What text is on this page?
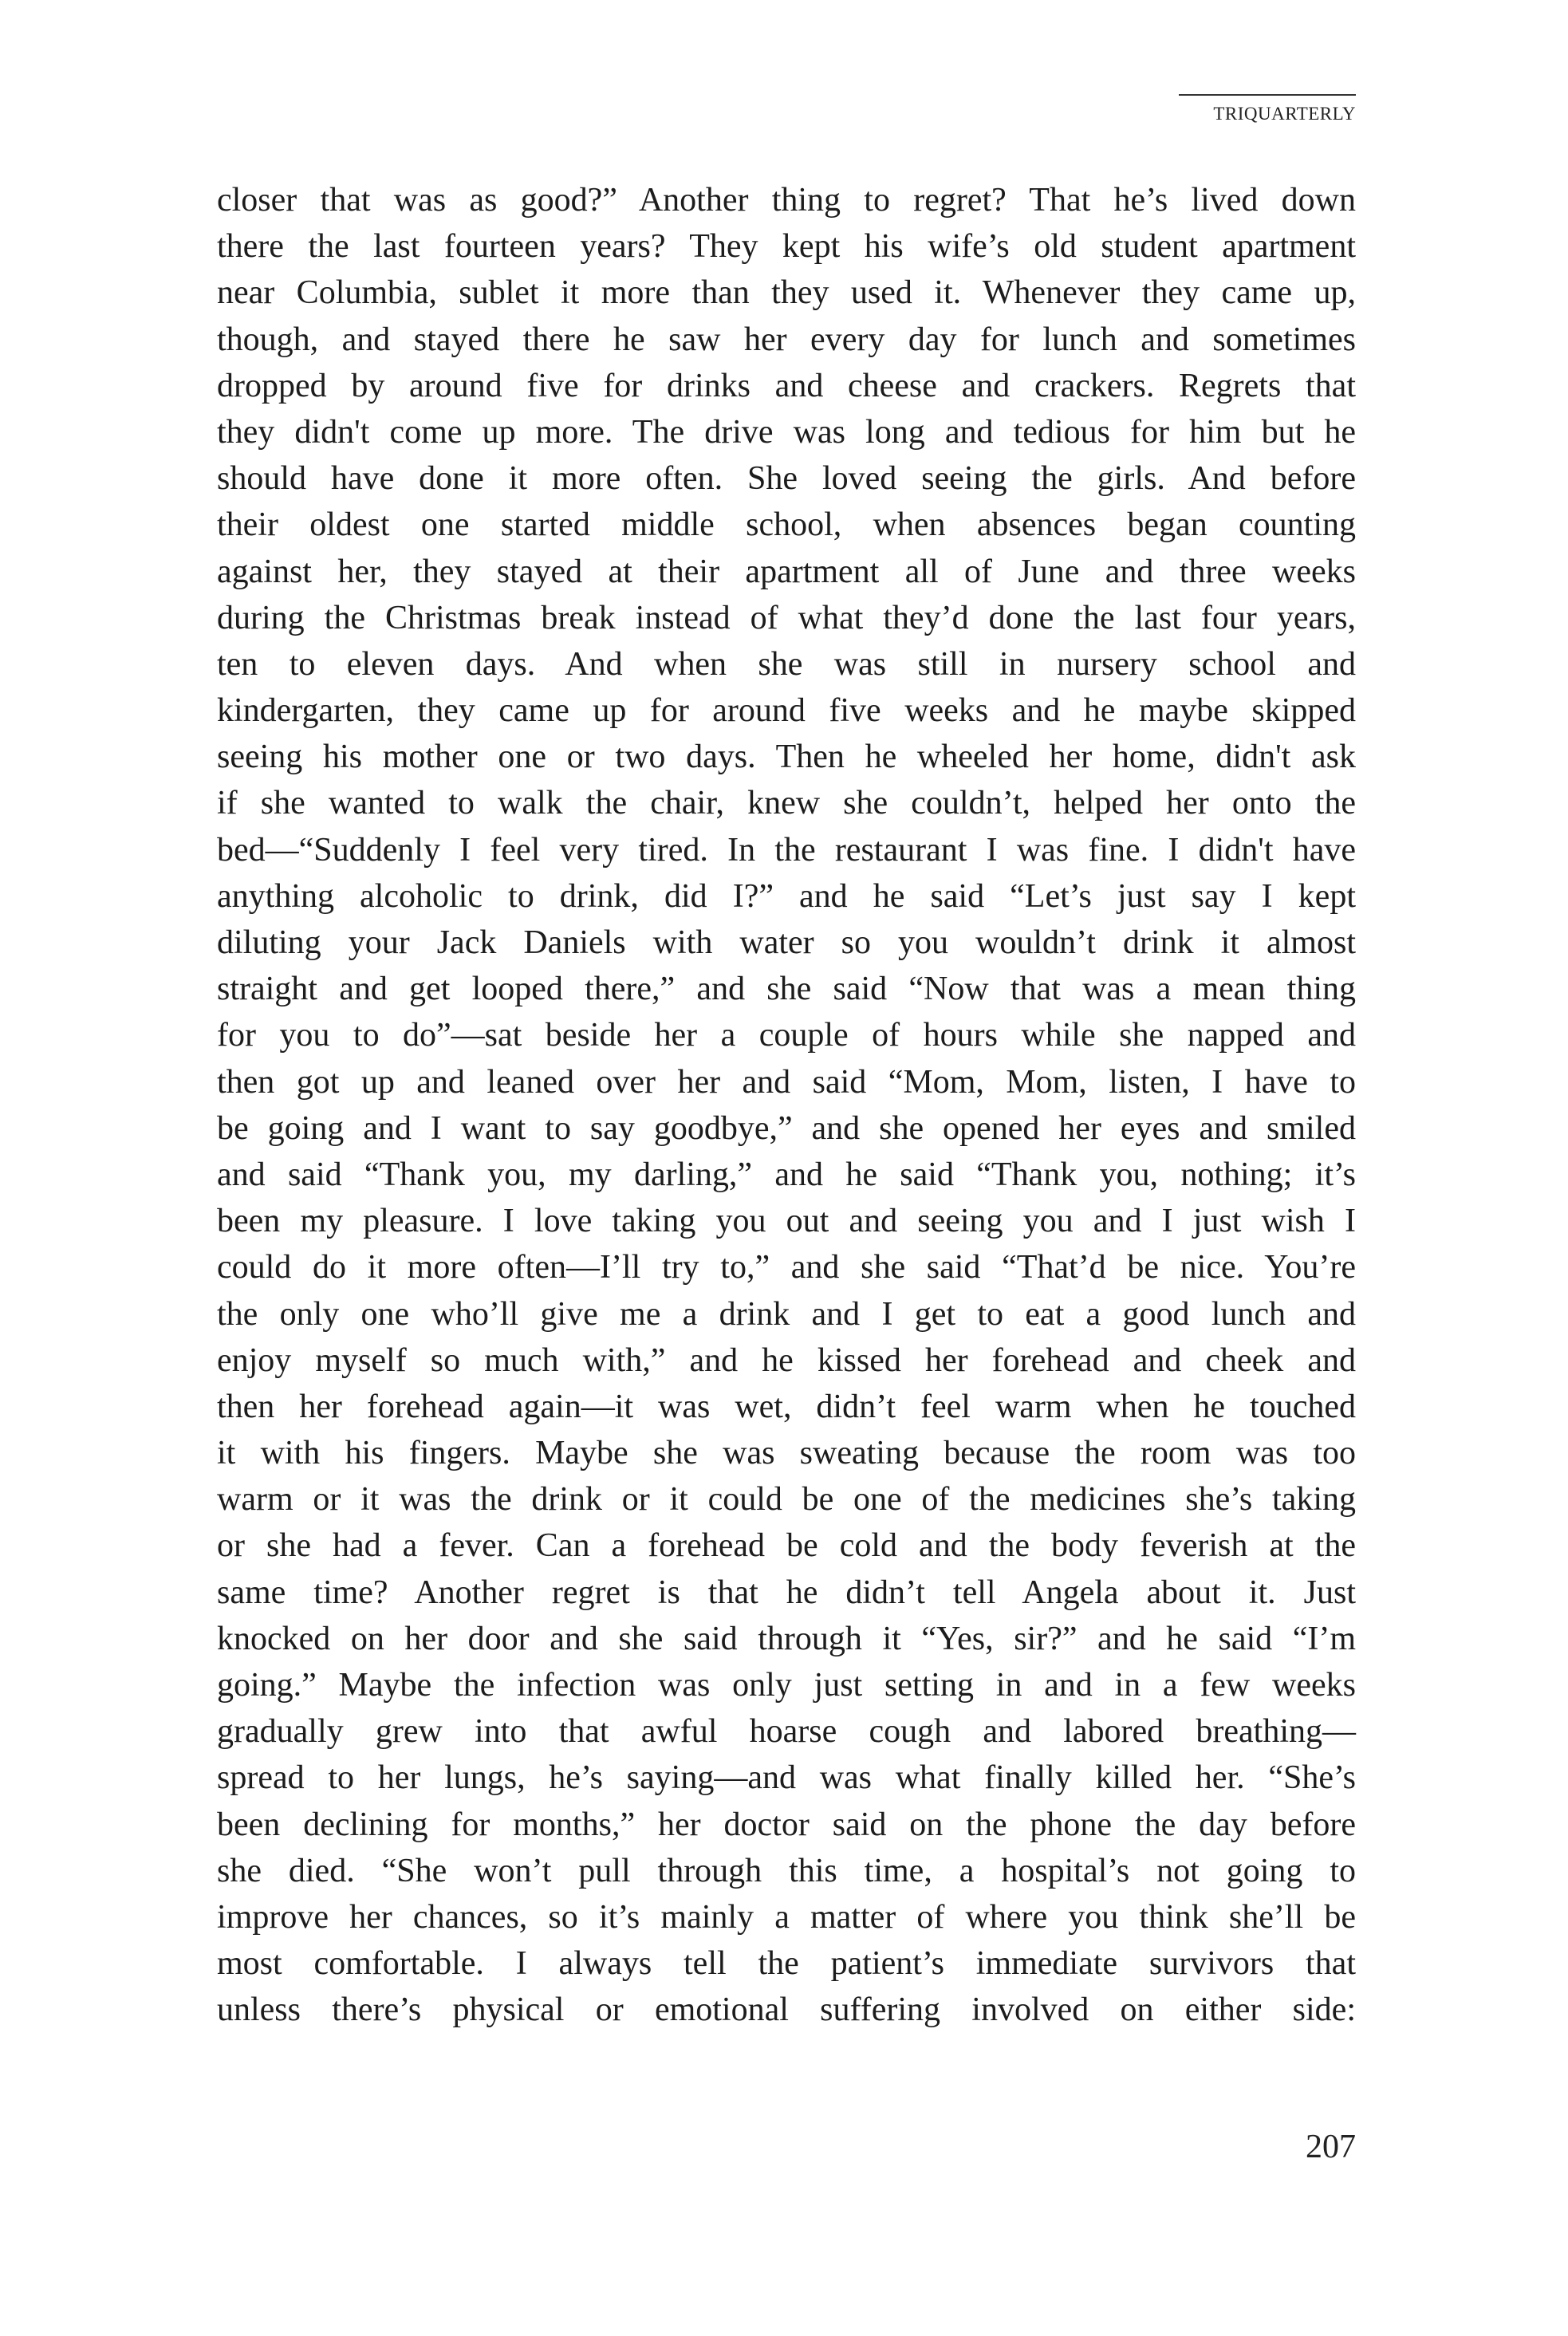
TRIQUARTERLY
closer that was as good?” Another thing to regret? That he’s lived down
there the last fourteen years? They kept his wife’s old student apartment
near Columbia, sublet it more than they used it. Whenever they came up,
though, and stayed there he saw her every day for lunch and sometimes
dropped by around five for drinks and cheese and crackers. Regrets that
they didn't come up more. The drive was long and tedious for him but he
should have done it more often. She loved seeing the girls. And before
their oldest one started middle school, when absences began counting
against her, they stayed at their apartment all of June and three weeks
during the Christmas break instead of what they’d done the last four years,
ten to eleven days. And when she was still in nursery school and
kindergarten, they came up for around five weeks and he maybe skipped
seeing his mother one or two days. Then he wheeled her home, didn't ask
if she wanted to walk the chair, knew she couldn’t, helped her onto the
bed—“Suddenly I feel very tired. In the restaurant I was fine. I didn't have
anything alcoholic to drink, did I?” and he said “Let’s just say I kept
diluting your Jack Daniels with water so you wouldn’t drink it almost
straight and get looped there,” and she said “Now that was a mean thing
for you to do”—sat beside her a couple of hours while she napped and
then got up and leaned over her and said “Mom, Mom, listen, I have to
be going and I want to say goodbye,” and she opened her eyes and smiled
and said “Thank you, my darling,” and he said “Thank you, nothing; it’s
been my pleasure. I love taking you out and seeing you and I just wish I
could do it more often—I’ll try to,” and she said “That’d be nice. You’re
the only one who’ll give me a drink and I get to eat a good lunch and
enjoy myself so much with,” and he kissed her forehead and cheek and
then her forehead again—it was wet, didn’t feel warm when he touched
it with his fingers. Maybe she was sweating because the room was too
warm or it was the drink or it could be one of the medicines she’s taking
or she had a fever. Can a forehead be cold and the body feverish at the
same time? Another regret is that he didn’t tell Angela about it. Just
knocked on her door and she said through it “Yes, sir?” and he said “I’m
going.” Maybe the infection was only just setting in and in a few weeks
gradually grew into that awful hoarse cough and labored breathing—
spread to her lungs, he’s saying—and was what finally killed her. “She’s
been declining for months,” her doctor said on the phone the day before
she died. “She won’t pull through this time, a hospital’s not going to
improve her chances, so it’s mainly a matter of where you think she’ll be
most comfortable. I always tell the patient’s immediate survivors that
unless there’s physical or emotional suffering involved on either side:
207
